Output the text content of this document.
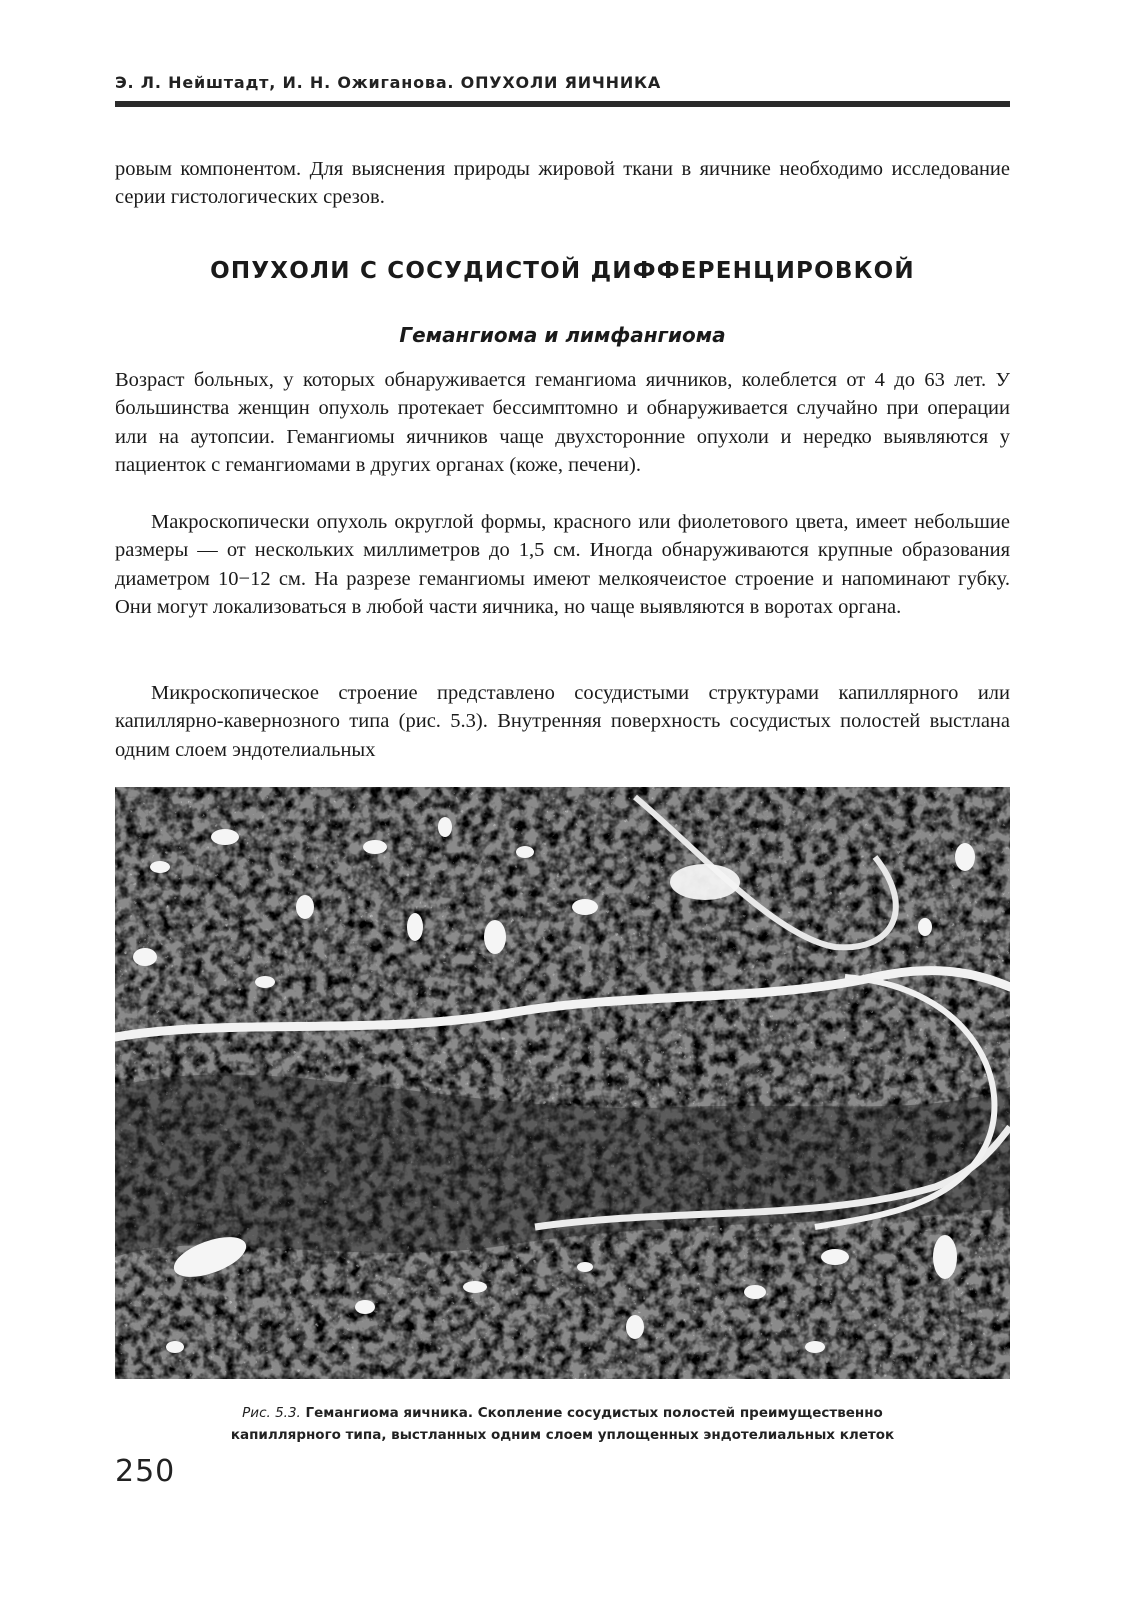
Э. Л. Нейштадт, И. Н. Ожиганова. ОПУХОЛИ ЯИЧНИКА

ровым компонентом. Для выяснения природы жировой ткани в яичнике необходимо исследование серии гистологических срезов.

ОПУХОЛИ С СОСУДИСТОЙ ДИФФЕРЕНЦИРОВКОЙ
Гемангиома и лимфангиома

Возраст больных, у которых обнаруживается гемангиома яичников, колеблется от 4 до 63 лет. У большинства женщин опухоль протекает бессимптомно и обнаруживается случайно при операции или на аутопсии. Гемангиомы яичников чаще двухсторонние опухоли и нередко выявляются у пациенток с гемангиомами в других органах (коже, печени).

Макроскопически опухоль округлой формы, красного или фиолетового цвета, имеет небольшие размеры — от нескольких миллиметров до 1,5 см. Иногда обнаруживаются крупные образования диаметром 10−12 см. На разрезе гемангиомы имеют мелкоячеистое строение и напоминают губку. Они могут локализоваться в любой части яичника, но чаще выявляются в воротах органа.

Микроскопическое строение представлено сосудистыми структурами капиллярного или капиллярно-кавернозного типа (рис. 5.3). Внутренняя поверхность сосудистых полостей выстлана одним слоем эндотелиальных

Рис. 5.3. Гемангиома яичника. Скопление сосудистых полостей преимущественно
капиллярного типа, выстланных одним слоем уплощенных эндотелиальных клеток
250
